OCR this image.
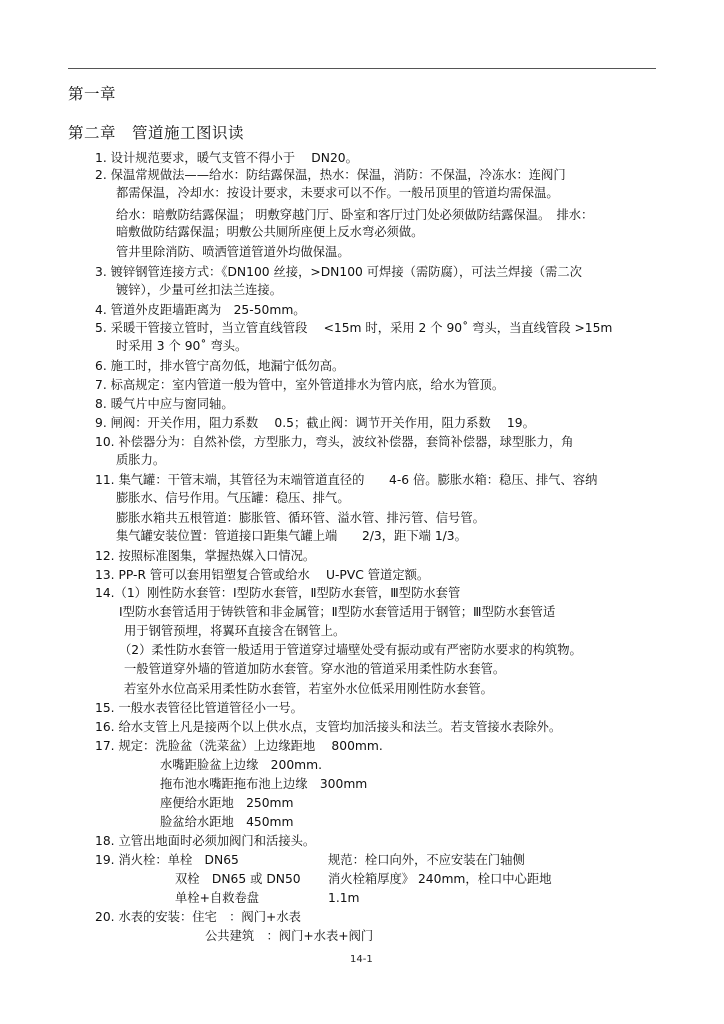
第一章
第二章　管道施工图识读
1. 设计规范要求，暖气支管不得小于　 DN20。
2. 保温常规做法——给水：防结露保温，热水：保温，消防：不保温，冷冻水：连阀门
都需保温，冷却水：按设计要求，未要求可以不作。一般吊顶里的管道均需保温。
给水：暗敷防结露保温； 明敷穿越门厅、卧室和客厅过门处必须做防结露保温。　排水：
暗敷做防结露保温；明敷公共厕所座便上反水弯必须做。
管井里除消防、喷洒管道管道外均做保温。
3. 镀锌钢管连接方式：《DN100 丝接，>DN100 可焊接（需防腐），可法兰焊接（需二次
镀锌），少量可丝扣法兰连接。
4. 管道外皮距墙距离为　25-50mm。
5. 采暖干管接立管时，当立管直线管段　 <15m 时，采用 2 个 90˚ 弯头，当直线管段 >15m
时采用 3 个 90˚ 弯头。
6. 施工时，排水管宁高勿低，地漏宁低勿高。
7. 标高规定：室内管道一般为管中，室外管道排水为管内底，给水为管顶。
8. 暖气片中应与窗同轴。
9. 闸阀：开关作用，阻力系数　 0.5；截止阀：调节开关作用，阻力系数　 19。
10. 补偿器分为：自然补偿，方型胀力，弯头，波纹补偿器，套筒补偿器，球型胀力，角
质胀力。
11. 集气罐：干管末端，其管径为末端管道直径的　　4-6 倍。膨胀水箱：稳压、排气、容纳
膨胀水、信号作用。气压罐：稳压、排气。
膨胀水箱共五根管道：膨胀管、循环管、溢水管、排污管、信号管。
集气罐安装位置：管道接口距集气罐上端　　2/3，距下端 1/3。
12. 按照标准图集，掌握热媒入口情况。
13. PP-R 管可以套用铝塑复合管或给水　 U-PVC 管道定额。
14.（1）刚性防水套管：Ⅰ型防水套管，Ⅱ型防水套管，Ⅲ型防水套管
Ⅰ型防水套管适用于铸铁管和非金属管；Ⅱ型防水套管适用于钢管；Ⅲ型防水套管适
用于钢管预埋，将翼环直接含在钢管上。
（2）柔性防水套管一般适用于管道穿过墙壁处受有振动或有严密防水要求的构筑物。
一般管道穿外墙的管道加防水套管。穿水池的管道采用柔性防水套管。
若室外水位高采用柔性防水套管，若室外水位低采用刚性防水套管。
15. 一般水表管径比管道管径小一号。
16. 给水支管上凡是接两个以上供水点，支管均加活接头和法兰。若支管接水表除外。
17. 规定：洗脸盆（洗菜盆）上边缘距地　 800mm.
水嘴距脸盆上边缘　200mm.
拖布池水嘴距拖布池上边缘　300mm
座便给水距地　250mm
脸盆给水距地　450mm
18. 立管出地面时必须加阀门和活接头。
19. 消火栓：单栓　DN65	规范：栓口向外，不应安装在门轴侧
双栓　DN65 或 DN50 消火栓箱厚度》 240mm，栓口中心距地
单栓+自救卷盘	1.1m
20. 水表的安装：住宅　：阀门+水表
公共建筑　：阀门+水表+阀门
14-1
